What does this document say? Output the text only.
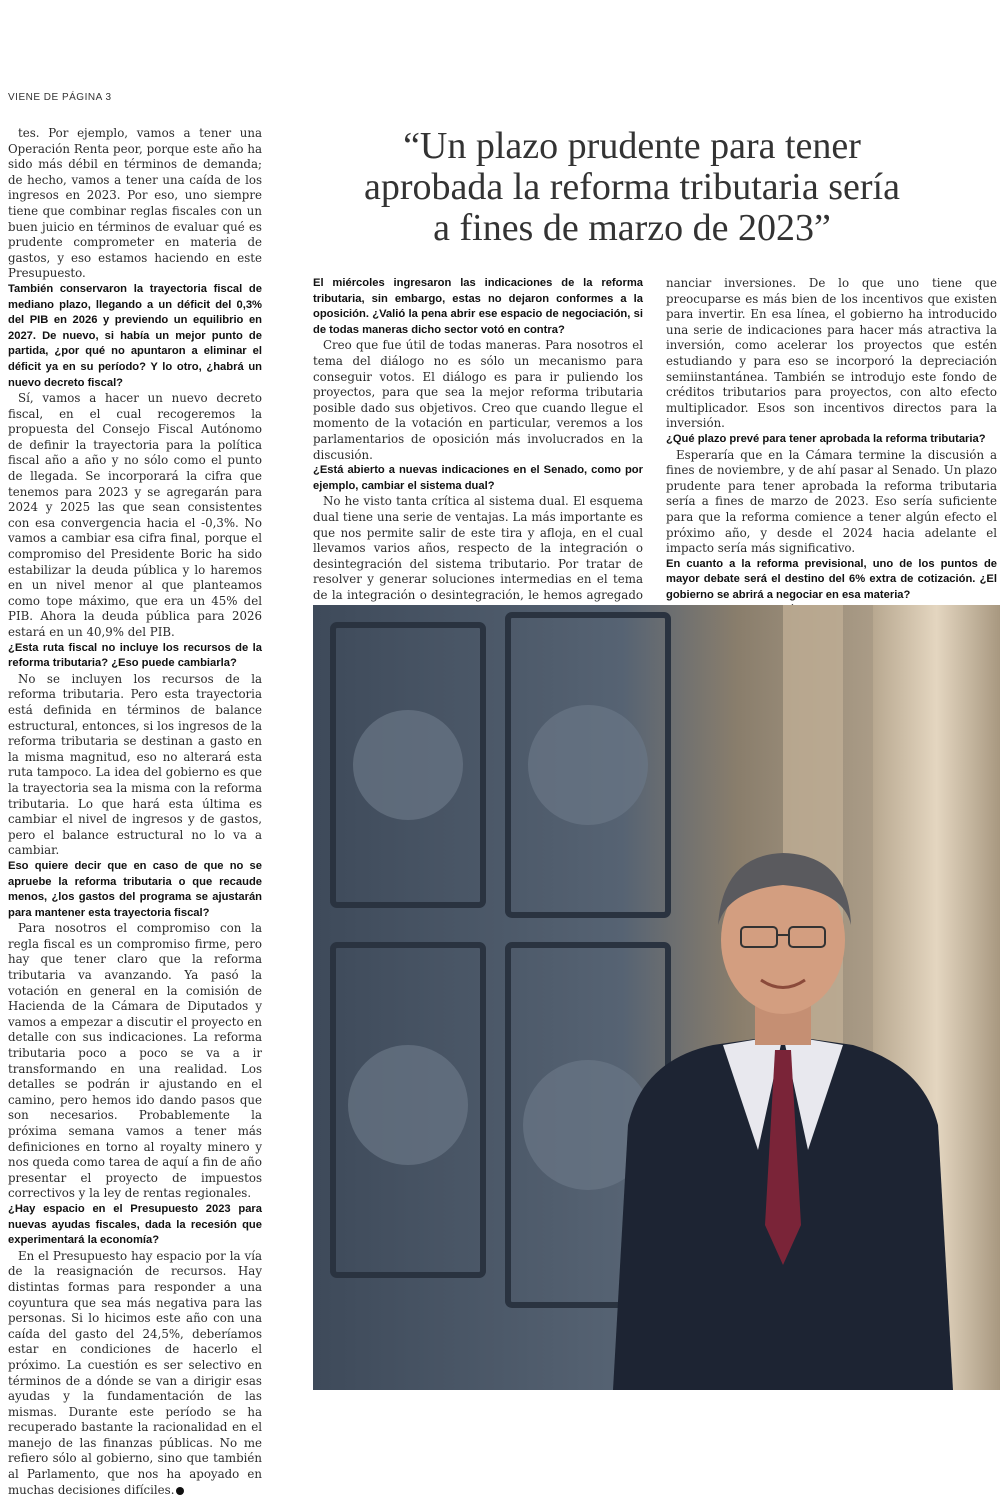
VIENE DE PÁGINA 3

tes. Por ejemplo, vamos a tener una Operación Renta peor, porque este año ha sido más débil en términos de demanda; de hecho, vamos a tener una caída de los ingresos en 2023. Por eso, uno siempre tiene que combinar reglas fiscales con un buen juicio en términos de evaluar qué es prudente comprometer en materia de gastos, y eso estamos haciendo en este Presupuesto.

También conservaron la trayectoria fiscal de mediano plazo, llegando a un déficit del 0,3% del PIB en 2026 y previendo un equilibrio en 2027. De nuevo, si había un mejor punto de partida, ¿por qué no apuntaron a eliminar el déficit ya en su período? Y lo otro, ¿habrá un nuevo decreto fiscal?

Sí, vamos a hacer un nuevo decreto fiscal, en el cual recogeremos la propuesta del Consejo Fiscal Autónomo de definir la trayectoria para la política fiscal año a año y no sólo como el punto de llegada. Se incorporará la cifra que tenemos para 2023 y se agregarán para 2024 y 2025 las que sean consistentes con esa convergencia hacia el -0,3%. No vamos a cambiar esa cifra final, porque el compromiso del Presidente Boric ha sido estabilizar la deuda pública y lo haremos en un nivel menor al que planteamos como tope máximo, que era un 45% del PIB. Ahora la deuda pública para 2026 estará en un 40,9% del PIB.

¿Esta ruta fiscal no incluye los recursos de la reforma tributaria? ¿Eso puede cambiarla?

No se incluyen los recursos de la reforma tributaria. Pero esta trayectoria está definida en términos de balance estructural, entonces, si los ingresos de la reforma tributaria se destinan a gasto en la misma magnitud, eso no alterará esta ruta tampoco. La idea del gobierno es que la trayectoria sea la misma con la reforma tributaria. Lo que hará esta última es cambiar el nivel de ingresos y de gastos, pero el balance estructural no lo va a cambiar.

Eso quiere decir que en caso de que no se apruebe la reforma tributaria o que recaude menos, ¿los gastos del programa se ajustarán para mantener esta trayectoria fiscal?

Para nosotros el compromiso con la regla fiscal es un compromiso firme, pero hay que tener claro que la reforma tributaria va avanzando. Ya pasó la votación en general en la comisión de Hacienda de la Cámara de Diputados y vamos a empezar a discutir el proyecto en detalle con sus indicaciones. La reforma tributaria poco a poco se va a ir transformando en una realidad. Los detalles se podrán ir ajustando en el camino, pero hemos ido dando pasos que son necesarios. Probablemente la próxima semana vamos a tener más definiciones en torno al royalty minero y nos queda como tarea de aquí a fin de año presentar el proyecto de impuestos correctivos y la ley de rentas regionales.

¿Hay espacio en el Presupuesto 2023 para nuevas ayudas fiscales, dada la recesión que experimentará la economía?

En el Presupuesto hay espacio por la vía de la reasignación de recursos. Hay distintas formas para responder a una coyuntura que sea más negativa para las personas. Si lo hicimos este año con una caída del gasto del 24,5%, deberíamos estar en condiciones de hacerlo el próximo. La cuestión es ser selectivo en términos de a dónde se van a dirigir esas ayudas y la fundamentación de las mismas. Durante este período se ha recuperado bastante la racionalidad en el manejo de las finanzas públicas. No me refiero sólo al gobierno, sino que también al Parlamento, que nos ha apoyado en muchas decisiones difíciles.

“Un plazo prudente para tener aprobada la reforma tributaria sería a fines de marzo de 2023”

El miércoles ingresaron las indicaciones de la reforma tributaria, sin embargo, estas no dejaron conformes a la oposición. ¿Valió la pena abrir ese espacio de negociación, si de todas maneras dicho sector votó en contra?

Creo que fue útil de todas maneras. Para nosotros el tema del diálogo no es sólo un mecanismo para conseguir votos. El diálogo es para ir puliendo los proyectos, para que sea la mejor reforma tributaria posible dado sus objetivos. Creo que cuando llegue el momento de la votación en particular, veremos a los parlamentarios de oposición más involucrados en la discusión.

¿Está abierto a nuevas indicaciones en el Senado, como por ejemplo, cambiar el sistema dual?

No he visto tanta crítica al sistema dual. El esquema dual tiene una serie de ventajas. La más importante es que nos permite salir de este tira y afloja, en el cual llevamos varios años, respecto de la integración o desintegración del sistema tributario. Por tratar de resolver y generar soluciones intermedias en el tema de la integración o desintegración, le hemos agregado

nanciar inversiones. De lo que uno tiene que preocuparse es más bien de los incentivos que existen para invertir. En esa línea, el gobierno ha introducido una serie de indicaciones para hacer más atractiva la inversión, como acelerar los proyectos que estén estudiando y para eso se incorporó la depreciación semiinstantánea. También se introdujo este fondo de créditos tributarios para proyectos, con alto efecto multiplicador. Esos son incentivos directos para la inversión.

¿Qué plazo prevé para tener aprobada la reforma tributaria?

Esperaría que en la Cámara termine la discusión a fines de noviembre, y de ahí pasar al Senado. Un plazo prudente para tener aprobada la reforma tributaria sería a fines de marzo de 2023. Eso sería suficiente para que la reforma comience a tener algún efecto el próximo año, y desde el 2024 hacia adelante el impacto sería más significativo.

En cuanto a la reforma previsional, uno de los puntos de mayor debate será el destino del 6% extra de cotización. ¿El gobierno se abrirá a negociar en esa materia?
